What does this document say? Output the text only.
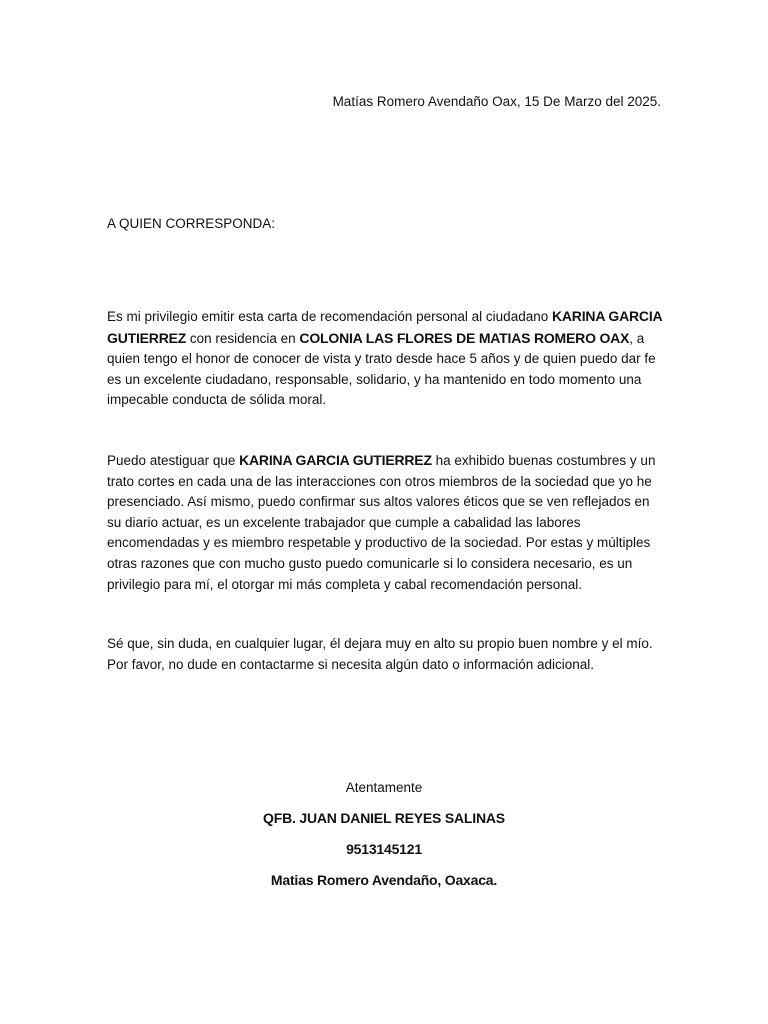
Matías Romero Avendaño Oax, 15 De Marzo del 2025.
A QUIEN CORRESPONDA:

Es mi privilegio emitir esta carta de recomendación personal al ciudadano KARINA GARCIA GUTIERREZ con residencia en COLONIA LAS FLORES DE MATIAS ROMERO OAX, a quien tengo el honor de conocer de vista y trato desde hace 5 años y de quien puedo dar fe es un excelente ciudadano, responsable, solidario, y ha mantenido en todo momento una impecable conducta de sólida moral.

Puedo atestiguar que KARINA GARCIA GUTIERREZ ha exhibido buenas costumbres y un trato cortes en cada una de las interacciones con otros miembros de la sociedad que yo he presenciado. Así mismo, puedo confirmar sus altos valores éticos que se ven reflejados en su diario actuar, es un excelente trabajador que cumple a cabalidad las labores encomendadas y es miembro respetable y productivo de la sociedad. Por estas y múltiples otras razones que con mucho gusto puedo comunicarle si lo considera necesario, es un privilegio para mí, el otorgar mi más completa y cabal recomendación personal.

Sé que, sin duda, en cualquier lugar, él dejara muy en alto su propio buen nombre y el mío. Por favor, no dude en contactarme si necesita algún dato o información adicional.

Atentamente
QFB. JUAN DANIEL REYES SALINAS
9513145121
Matias Romero Avendaño, Oaxaca.
